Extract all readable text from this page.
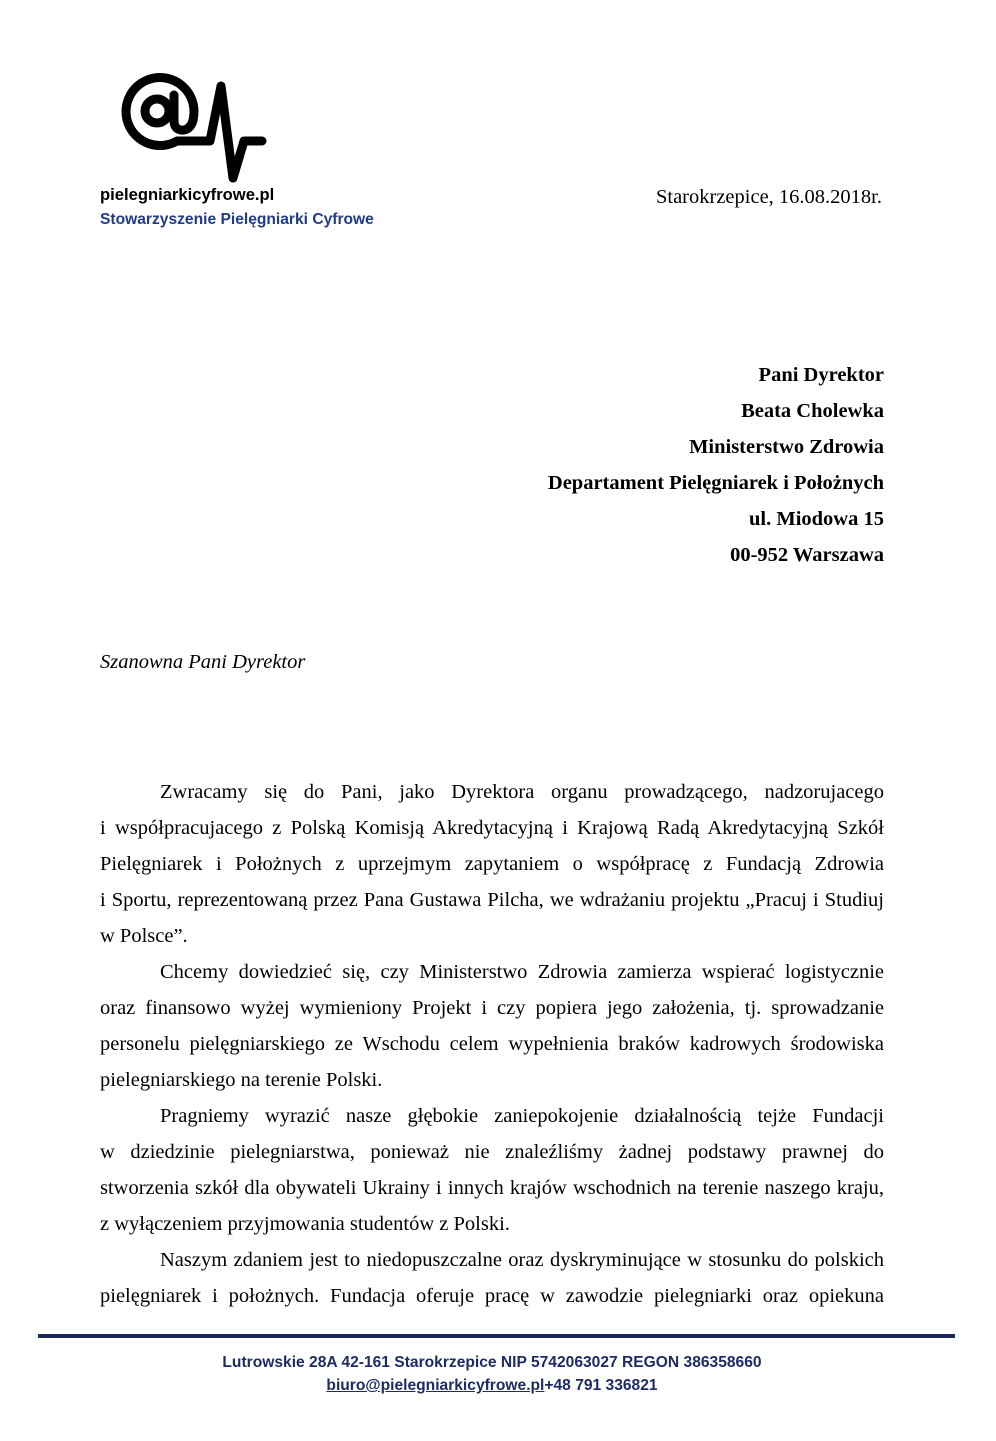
pielegniarkicyfrowe.pl
Stowarzyszenie Pielęgniarki Cyfrowe
Starokrzepice, 16.08.2018r.
Pani Dyrektor
Beata Cholewka
Ministerstwo Zdrowia
Departament Pielęgniarek i Położnych
ul. Miodowa 15
00-952 Warszawa
Szanowna Pani Dyrektor
Zwracamy się do Pani, jako Dyrektora organu prowadzącego, nadzorujacego
i współpracujacego z Polską Komisją Akredytacyjną i Krajową Radą Akredytacyjną Szkół
Pielęgniarek i Położnych z uprzejmym zapytaniem o współpracę z Fundacją Zdrowia
i Sportu, reprezentowaną przez Pana Gustawa Pilcha, we wdrażaniu projektu „Pracuj i Studiuj
w Polsce”.
Chcemy dowiedzieć się, czy Ministerstwo Zdrowia zamierza wspierać logistycznie
oraz finansowo wyżej wymieniony Projekt i czy popiera jego założenia, tj. sprowadzanie
personelu pielęgniarskiego ze Wschodu celem wypełnienia braków kadrowych środowiska
pielegniarskiego na terenie Polski.
Pragniemy wyrazić nasze głębokie zaniepokojenie działalnością tejże Fundacji
w dziedzinie pielegniarstwa, ponieważ nie znaleźliśmy żadnej podstawy prawnej do
stworzenia szkół dla obywateli Ukrainy i innych krajów wschodnich na terenie naszego kraju,
z wyłączeniem przyjmowania studentów z Polski.
Naszym zdaniem jest to niedopuszczalne oraz dyskryminujące w stosunku do polskich
pielęgniarek i położnych. Fundacja oferuje pracę w zawodzie pielegniarki oraz opiekuna
Lutrowskie 28A 42-161 Starokrzepice NIP 5742063027 REGON 386358660
biuro@pielegniarkicyfrowe.pl+48 791 336821
